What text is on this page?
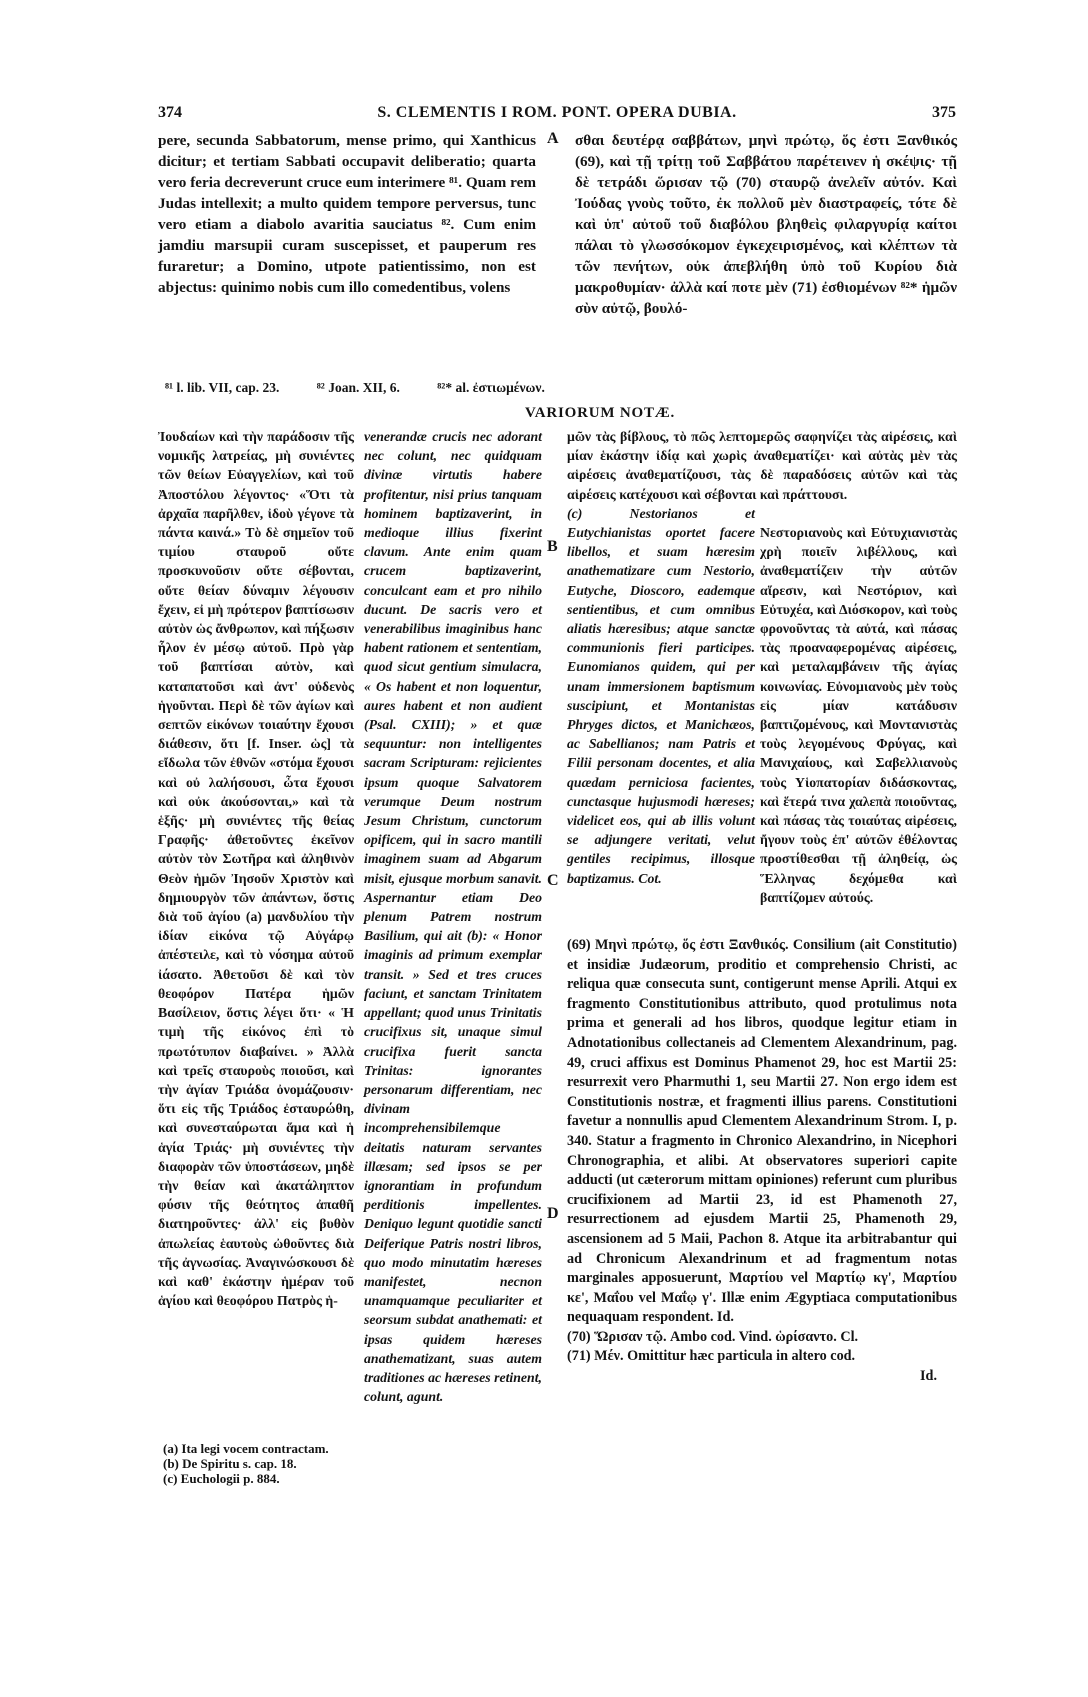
374	S. CLEMENTIS I ROM. PONT. OPERA DUBIA.	375
pere, secunda Sabbatorum, mense primo, qui Xanthicus dicitur; et tertiam Sabbati occupavit deliberatio; quarta vero feria decreverunt cruce eum interimere ⁸¹. Quam rem Judas intellexit; a multo quidem tempore perversus, tunc vero etiam a diabolo avaritia sauciatus ⁸². Cum enim jamdiu marsupii curam suscepisset, et pauperum res furaretur; a Domino, utpote patientissimo, non est abjectus: quinimo nobis cum illo comedentibus, volens
σθαι δευτέρᾳ σαββάτων, μηνὶ πρώτῳ, ὅς ἐστι Ξανθικός (69), καὶ τῇ τρίτῃ τοῦ Σαββάτου παρέτεινεν ἡ σκέψις· τῇ δὲ τετράδι ὥρισαν τῷ (70) σταυρῷ ἀνελεῖν αὐτόν. Καὶ Ἰούδας γνοὺς τοῦτο, ἐκ πολλοῦ μὲν διαστραφείς, τότε δὲ καὶ ὑπ' αὐτοῦ τοῦ διαβόλου βληθεὶς φιλαργυρίᾳ καίτοι πάλαι τὸ γλωσσόκομον ἐγκεχειρισμένος, καὶ κλέπτων τὰ τῶν πενήτων, οὐκ ἀπεβλήθη ὑπὸ τοῦ Κυρίου διὰ μακροθυμίαν· ἀλλὰ καί ποτε μὲν (71) ἐσθιομένων ⁸²* ἡμῶν σὺν αὐτῷ, βουλό-
A
B
C
D
⁸¹ l. lib. VII, cap. 23.	⁸² Joan. XII, 6.	⁸²* al. ἐστιωμένων.
VARIORUM NOTÆ.
Ἰουδαίων καὶ τὴν παράδοσιν τῆς νομικῆς λατρείας, μὴ συνιέντες τῶν θείων Εὐαγγελίων, καὶ τοῦ Ἀποστόλου λέγοντος· «Ὅτι τὰ ἀρχαῖα παρῆλθεν, ἰδοὺ γέγονε τὰ πάντα καινά.» Τὸ δὲ σημεῖον τοῦ τιμίου σταυροῦ οὔτε προσκυνοῦσιν οὔτε σέβονται, οὔτε θείαν δύναμιν λέγουσιν ἔχειν, εἰ μὴ πρότερον βαπτίσωσιν αὐτὸν ὡς ἄνθρωπον, καὶ πήξωσιν ἧλον ἐν μέσῳ αὐτοῦ. Πρὸ γὰρ τοῦ βαπτίσαι αὐτὸν, καὶ καταπατοῦσι καὶ ἀντ' οὐδενὸς ἡγοῦνται. Περὶ δὲ τῶν ἁγίων καὶ σεπτῶν εἰκόνων τοιαύτην ἔχουσι διάθεσιν, ὅτι [f. Inser. ὡς] τὰ εἴδωλα τῶν ἐθνῶν «στόμα ἔχουσι καὶ οὐ λαλήσουσι, ὦτα ἔχουσι καὶ οὐκ ἀκούσονται,» καὶ τὰ ἑξῆς· μὴ συνιέντες τῆς θείας Γραφῆς· ἀθετοῦντες ἐκεῖνον αὐτὸν τὸν Σωτῆρα καὶ ἀληθινὸν Θεὸν ἡμῶν Ἰησοῦν Χριστὸν καὶ δημιουργὸν τῶν ἁπάντων, ὅστις διὰ τοῦ ἁγίου (a) μανδυλίου τὴν ἰδίαν εἰκόνα τῷ Αὐγάρῳ ἀπέστειλε, καὶ τὸ νόσημα αὐτοῦ ἰάσατο. Ἀθετοῦσι δὲ καὶ τὸν θεοφόρον Πατέρα ἡμῶν Βασίλειον, ὅστις λέγει ὅτι· « Ἡ τιμὴ τῆς εἰκόνος ἐπὶ τὸ πρωτότυπον διαβαίνει. » Ἀλλὰ καὶ τρεῖς σταυροὺς ποιοῦσι, καὶ τὴν ἁγίαν Τριάδα ὀνομάζουσιν· ὅτι εἰς τῆς Τριάδος ἐσταυρώθη, καὶ συνεσταύρωται ἅμα καὶ ἡ ἁγία Τριάς· μὴ συνιέντες τὴν διαφορὰν τῶν ὑποστάσεων, μηδὲ τὴν θείαν καὶ ἀκατάληπτον φύσιν τῆς θεότητος ἀπαθῆ διατηροῦντες· ἀλλ' εἰς βυθὸν ἀπωλείας ἑαυτοὺς ὠθοῦντες διὰ τῆς ἀγνωσίας. Ἀναγινώσκουσι δὲ καὶ καθ' ἑκάστην ἡμέραν τοῦ ἁγίου καὶ θεοφόρου Πατρὸς ἡ-
venerandæ crucis nec adorant nec colunt, nec quidquam divinæ virtutis habere profitentur, nisi prius tanquam hominem baptizaverint, in medioque illius fixerint clavum. Ante enim quam crucem baptizaverint, conculcant eam et pro nihilo ducunt. De sacris vero et venerabilibus imaginibus hanc habent rationem et sententiam, quod sicut gentium simulacra, « Os habent et non loquentur, aures habent et non audient (Psal. CXIII); » et quæ sequuntur: non intelligentes sacram Scripturam: rejicientes ipsum quoque Salvatorem verumque Deum nostrum Jesum Christum, cunctorum opificem, qui in sacro mantili imaginem suam ad Abgarum misit, ejusque morbum sanavit. Aspernantur etiam Deo plenum Patrem nostrum Basilium, qui ait (b): « Honor imaginis ad primum exemplar transit. » Sed et tres cruces faciunt, et sanctam Trinitatem appellant; quod unus Trinitatis crucifixus sit, unaque simul crucifixa fuerit sancta Trinitas: ignorantes personarum differentiam, nec divinam incomprehensibilemque deitatis naturam servantes illæsam; sed ipsos se per ignorantiam in profundum perditionis impellentes. Deniquo legunt quotidie sancti Deiferique Patris nostri libros, quo modo minutatim hæreses manifestet, necnon unamquamque peculiariter et seorsum subdat anathemati: et ipsas quidem hæreses anathematizant, suas autem traditiones ac hæreses retinent, colunt, agunt.
μῶν τὰς βίβλους, τὸ πῶς λεπτομερῶς σαφηνίζει τὰς αἱρέσεις, καὶ μίαν ἑκάστην ἰδίᾳ καὶ χωρὶς ἀναθεματίζει· καὶ αὐτὰς μὲν τὰς αἱρέσεις ἀναθεματίζουσι, τὰς δὲ παραδόσεις αὐτῶν καὶ τὰς αἱρέσεις κατέχουσι καὶ σέβονται καὶ πράττουσι.
(c) Nestorianos et Eutychianistas oportet facere libellos, et suam hæresim anathematizare cum Nestorio, Eutyche, Dioscoro, eademque sentientibus, et cum omnibus aliatis hæresibus; atque sanctæ communionis fieri participes. Eunomianos quidem, qui per unam immersionem baptismum suscipiunt, et Montanistas Phryges dictos, et Manichæos, ac Sabellianos; nam Patris et Filii personam docentes, et alia quædam perniciosa facientes, cunctasque hujusmodi hæreses; videlicet eos, qui ab illis volunt se adjungere veritati, velut gentiles recipimus, illosque baptizamus. Cot.
Νεστοριανοὺς καὶ Εὐτυχιανιστὰς χρὴ ποιεῖν λιβέλλους, καὶ ἀναθεματίζειν τὴν αὐτῶν αἵρεσιν, καὶ Νεστόριον, καὶ Εὐτυχέα, καὶ Διόσκορον, καὶ τοὺς φρονοῦντας τὰ αὐτά, καὶ πάσας τὰς προαναφερομένας αἱρέσεις, καὶ μεταλαμβάνειν τῆς ἁγίας κοινωνίας. Εὐνομιανοὺς μὲν τοὺς εἰς μίαν κατάδυσιν βαπτιζομένους, καὶ Μοντανιστὰς τοὺς λεγομένους Φρύγας, καὶ Μανιχαίους, καὶ Σαβελλιανοὺς τοὺς Υἱοπατορίαν διδάσκοντας, καὶ ἕτερά τινα χαλεπὰ ποιοῦντας, καὶ πάσας τὰς τοιαύτας αἱρέσεις, ἤγουν τοὺς ἐπ' αὐτῶν ἐθέλοντας προστίθεσθαι τῇ ἀληθείᾳ, ὡς Ἕλληνας δεχόμεθα καὶ βαπτίζομεν αὐτούς.
(69) Μηνὶ πρώτῳ, ὅς ἐστι Ξανθικός. Consilium (ait Constitutio) et insidiæ Judæorum, proditio et comprehensio Christi, ac reliqua quæ consecuta sunt, contigerunt mense Aprili. Atqui ex fragmento Constitutionibus attributo, quod protulimus nota prima et generali ad hos libros, quodque legitur etiam in Adnotationibus collectaneis ad Clementem Alexandrinum, pag. 49, cruci affixus est Dominus Phamenot 29, hoc est Martii 25: resurrexit vero Pharmuthi 1, seu Martii 27. Non ergo idem est Constitutionis nostræ, et fragmenti illius parens. Constitutioni favetur a nonnullis apud Clementem Alexandrinum Strom. I, p. 340. Statur a fragmento in Chronico Alexandrino, in Nicephori Chronographia, et alibi. At observatores superiori capite adducti (ut cæterorum mittam opiniones) referunt cum pluribus crucifixionem ad Martii 23, id est Phamenoth 27, resurrectionem ad ejusdem Martii 25, Phamenoth 29, ascensionem ad 5 Maii, Pachon 8. Atque ita arbitrabantur qui ad Chronicum Alexandrinum et ad fragmentum notas marginales apposuerunt, Μαρτίου vel Μαρτίῳ κγ', Μαρτίου κε', Μαΐου vel Μαΐῳ γ'. Illæ enim Ægyptiaca computationibus nequaquam respondent. Id.
(70) Ὥρισαν τῷ. Ambo cod. Vind. ὡρίσαντο. Cl.
(71) Μέν. Omittitur hæc particula in altero cod.
Id.
(a) Ita legi vocem contractam.
(b) De Spiritu s. cap. 18.
(c) Euchologii p. 884.
